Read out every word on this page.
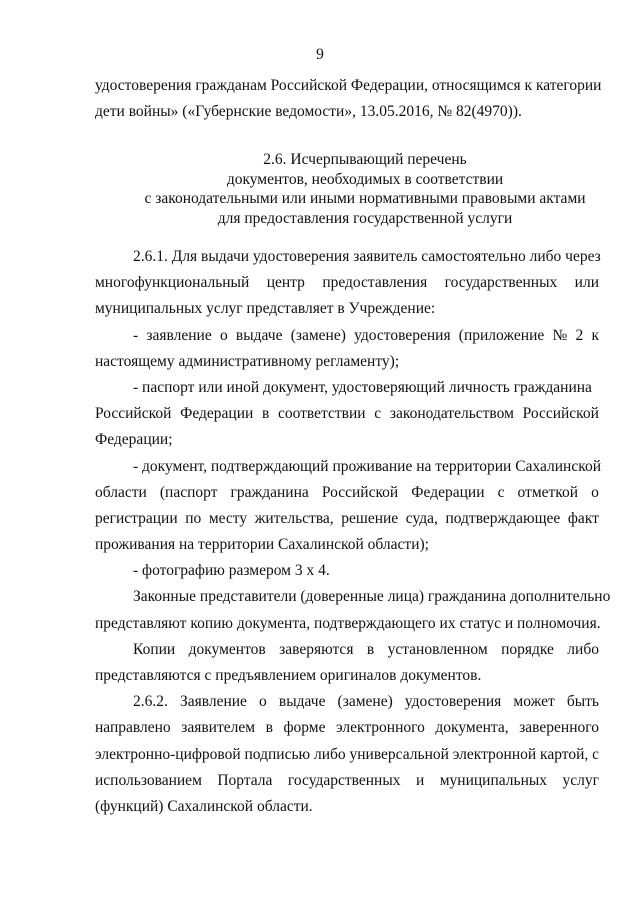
9
удостоверения гражданам Российской Федерации, относящимся к категории
дети войны» («Губернские ведомости», 13.05.2016, № 82(4970)).
2.6. Исчерпывающий перечень
документов, необходимых в соответствии
с законодательными или иными нормативными правовыми актами
для предоставления государственной услуги
2.6.1. Для выдачи удостоверения заявитель самостоятельно либо через
многофункциональный центр предоставления государственных или
муниципальных услуг представляет в Учреждение:
- заявление о выдаче (замене) удостоверения (приложение № 2 к
настоящему административному регламенту);
- паспорт или иной документ, удостоверяющий личность гражданина
Российской Федерации в соответствии с законодательством Российской
Федерации;
- документ, подтверждающий проживание на территории Сахалинской
области (паспорт гражданина Российской Федерации с отметкой о
регистрации по месту жительства, решение суда, подтверждающее факт
проживания на территории Сахалинской области);
- фотографию размером 3 х 4.
Законные представители (доверенные лица) гражданина дополнительно
представляют копию документа, подтверждающего их статус и полномочия.
Копии документов заверяются в установленном порядке либо
представляются с предъявлением оригиналов документов.
2.6.2. Заявление о выдаче (замене) удостоверения может быть
направлено заявителем в форме электронного документа, заверенного
электронно-цифровой подписью либо универсальной электронной картой, с
использованием Портала государственных и муниципальных услуг
(функций) Сахалинской области.
